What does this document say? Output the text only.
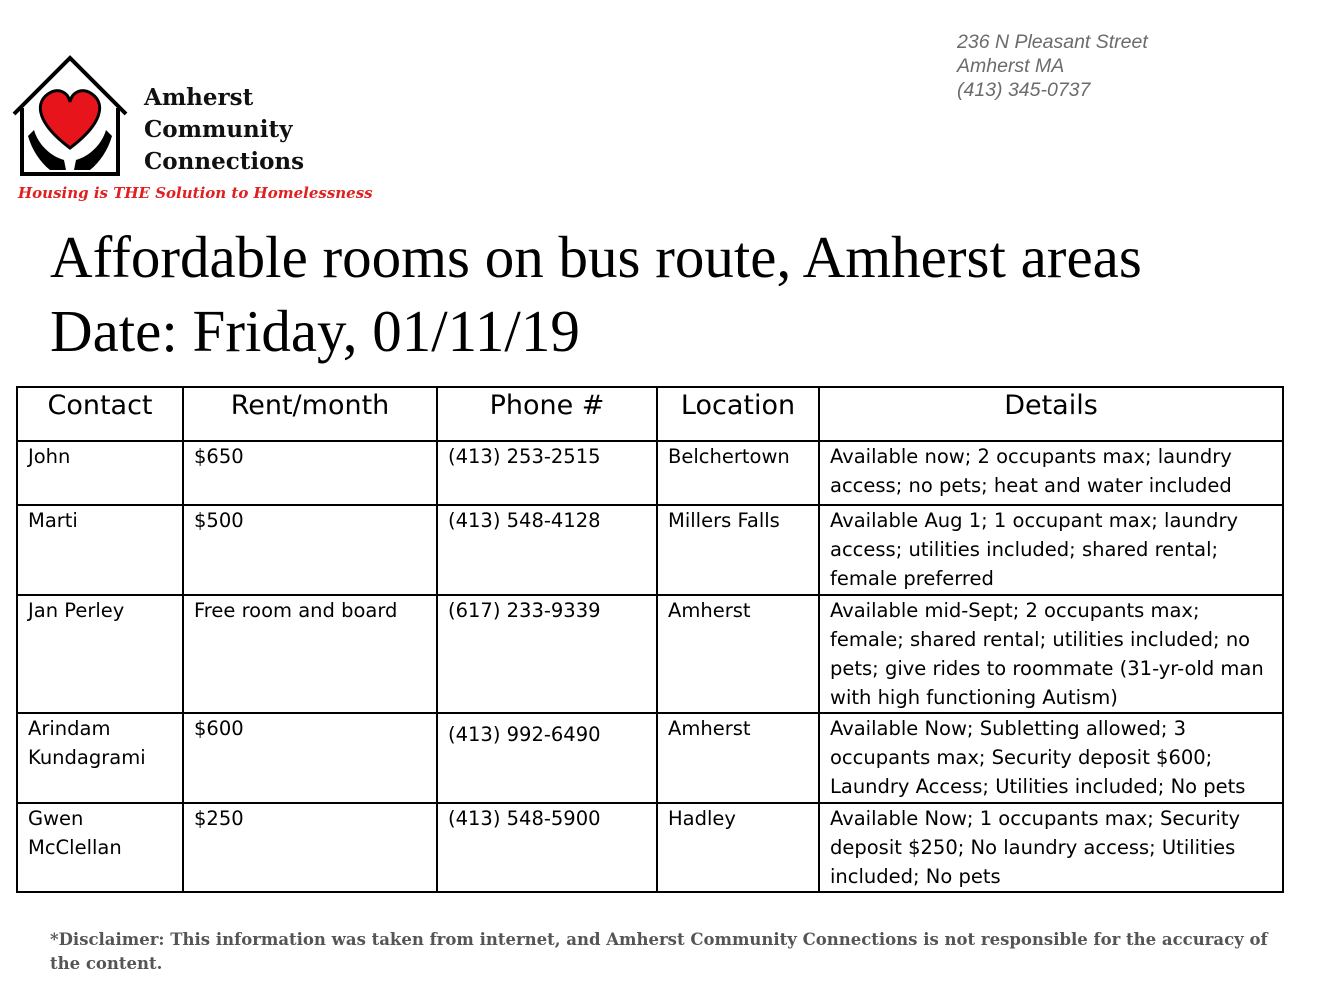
Amherst
Community
Connections
Housing is THE Solution to Homelessness
236 N Pleasant Street
Amherst MA
(413) 345-0737
Affordable rooms on bus route, Amherst areas
Date: Friday, 01/11/19
Contact	Rent/month	Phone #	Location	Details
John	$650	(413) 253-2515	Belchertown	Available now; 2 occupants max; laundry access; no pets; heat and water included
Marti	$500	(413) 548-4128	Millers Falls	Available Aug 1; 1 occupant max; laundry access; utilities included; shared rental; female preferred
Jan Perley	Free room and board	(617) 233-9339	Amherst	Available mid-Sept; 2 occupants max; female; shared rental; utilities included; no pets; give rides to roommate (31-yr-old man with high functioning Autism)
Arindam Kundagrami	$600	(413) 992-6490	Amherst	Available Now; Subletting allowed; 3 occupants max; Security deposit $600; Laundry Access; Utilities included; No pets
Gwen McClellan	$250	(413) 548-5900	Hadley	Available Now; 1 occupants max; Security deposit $250; No laundry access; Utilities included; No pets
*Disclaimer: This information was taken from internet, and Amherst Community Connections is not responsible for the accuracy of the content.
